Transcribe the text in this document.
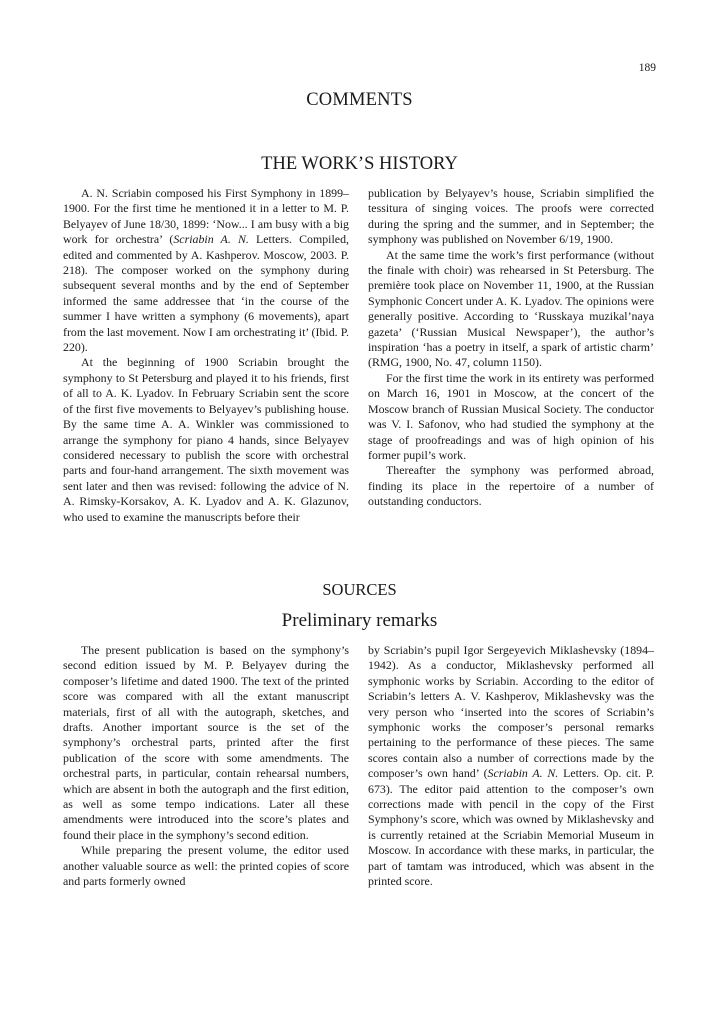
189
COMMENTS
THE WORK’S HISTORY

A. N. Scriabin composed his First Symphony in 1899–1900. For the first time he mentioned it in a letter to M. P. Belyayev of June 18/30, 1899: ‘Now... I am busy with a big work for orchestra’ (Scriabin A. N. Letters. Compiled, edited and commented by A. Kashperov. Moscow, 2003. P. 218). The composer worked on the symphony during subsequent several months and by the end of September informed the same addressee that ‘in the course of the summer I have written a symphony (6 movements), apart from the last movement. Now I am orchestrating it’ (Ibid. P. 220).

At the beginning of 1900 Scriabin brought the symphony to St Petersburg and played it to his friends, first of all to A. K. Lyadov. In February Scriabin sent the score of the first five movements to Belyayev’s publishing house. By the same time A. A. Winkler was commissioned to arrange the symphony for piano 4 hands, since Belyayev considered necessary to publish the score with orchestral parts and four-hand arrangement. The sixth movement was sent later and then was revised: following the advice of N. A. Rimsky-Korsakov, A. K. Lyadov and A. K. Glazunov, who used to examine the manuscripts before their

publication by Belyayev’s house, Scriabin simplified the tessitura of singing voices. The proofs were corrected during the spring and the summer, and in September; the symphony was published on November 6/19, 1900.

At the same time the work’s first performance (without the finale with choir) was rehearsed in St Petersburg. The première took place on November 11, 1900, at the Russian Symphonic Concert under A. K. Lyadov. The opinions were generally positive. According to ‘Russkaya muzikal’naya gazeta’ (‘Russian Musical Newspaper’), the author’s inspiration ‘has a poetry in itself, a spark of artistic charm’ (RMG, 1900, No. 47, column 1150).

For the first time the work in its entirety was performed on March 16, 1901 in Moscow, at the concert of the Moscow branch of Russian Musical Society. The conductor was V. I. Safonov, who had studied the symphony at the stage of proofreadings and was of high opinion of his former pupil’s work.

Thereafter the symphony was performed abroad, finding its place in the repertoire of a number of outstanding conductors.

SOURCES
Preliminary remarks

The present publication is based on the symphony’s second edition issued by M. P. Belyayev during the composer’s lifetime and dated 1900. The text of the printed score was compared with all the extant manuscript materials, first of all with the autograph, sketches, and drafts. Another important source is the set of the symphony’s orchestral parts, printed after the first publication of the score with some amendments. The orchestral parts, in particular, contain rehearsal numbers, which are absent in both the autograph and the first edition, as well as some tempo indications. Later all these amendments were introduced into the score’s plates and found their place in the symphony’s second edition.

While preparing the present volume, the editor used another valuable source as well: the printed copies of score and parts formerly owned

by Scriabin’s pupil Igor Sergeyevich Miklashevsky (1894–1942). As a conductor, Miklashevsky performed all symphonic works by Scriabin. According to the editor of Scriabin’s letters A. V. Kashperov, Miklashevsky was the very person who ‘inserted into the scores of Scriabin’s symphonic works the composer’s personal remarks pertaining to the performance of these pieces. The same scores contain also a number of corrections made by the composer’s own hand’ (Scriabin A. N. Letters. Op. cit. P. 673). The editor paid attention to the composer’s own corrections made with pencil in the copy of the First Symphony’s score, which was owned by Miklashevsky and is currently retained at the Scriabin Memorial Museum in Moscow. In accordance with these marks, in particular, the part of tamtam was introduced, which was absent in the printed score.
